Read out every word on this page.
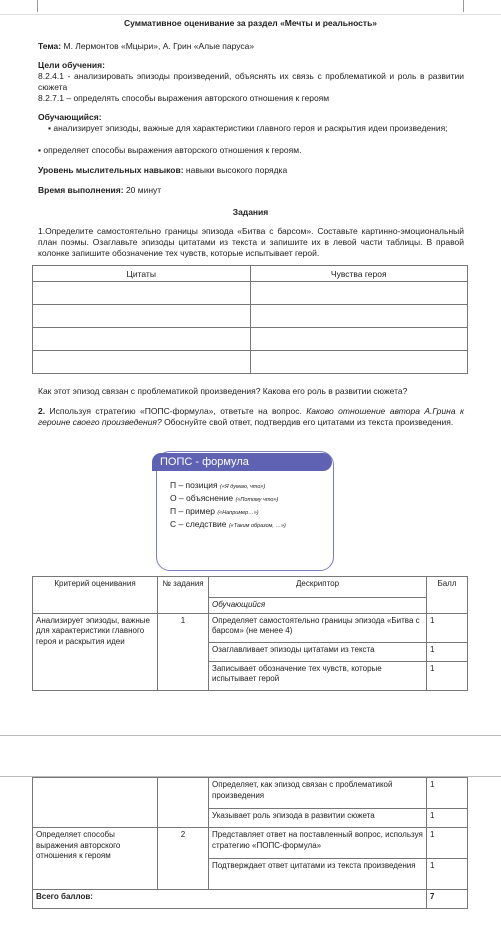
Суммативное оценивание за раздел «Мечты и реальность»
Тема: М. Лермонтов «Мцыри», А. Грин «Алые паруса»
Цели обучения:
8.2.4.1 - анализировать эпизоды произведений, объяснять их связь с проблематикой и роль в развитии сюжета
8.2.7.1 – определять способы выражения авторского отношения к героям
Обучающийся:
▪ анализирует эпизоды, важные для характеристики главного героя и раскрытия идеи произведения;
▪ определяет способы выражения авторского отношения к героям.
Уровень мыслительных навыков: навыки высокого порядка
Время выполнения: 20 минут
Задания
1.Определите самостоятельно границы эпизода «Битва с барсом». Составьте картинно-эмоциональный план поэмы. Озаглавьте эпизоды цитатами из текста и запишите их в левой части таблицы. В правой колонке запишите обозначение тех чувств, которые испытывает герой.
Цитаты	Чувства героя

Как этот эпизод связан с проблематикой произведения? Какова его роль в развитии сюжета?
2. Используя стратегию «ПОПС-формула», ответьте на вопрос. Каково отношение автора А.Грина к героине своего произведения? Обоснуйте свой ответ, подтвердив его цитатами из текста произведения.
ПОПС - формула
П – позиция («Я думаю, что»)
О – объяснение («Потому что»)
П – пример («Например…»)
С – следствие («Таким образом, …»)
Критерий оценивания	№ задания	Дескриптор	Балл
		Обучающийся	
Анализирует эпизоды, важные для характеристики главного героя и раскрытия идеи	1	Определяет самостоятельно границы эпизода «Битва с барсом» (не менее 4)	1
		Озаглавливает эпизоды цитатами из текста	1
		Записывает обозначение тех чувств, которые испытывает герой	1
		Определяет, как эпизод связан с проблематикой произведения	1
		Указывает роль эпизода в развитии сюжета	1
Определяет способы выражения авторского отношения к героям	2	Представляет ответ на поставленный вопрос, используя стратегию «ПОПС-формула»	1
		Подтверждает ответ цитатами из текста произведения	1
Всего баллов:			7
